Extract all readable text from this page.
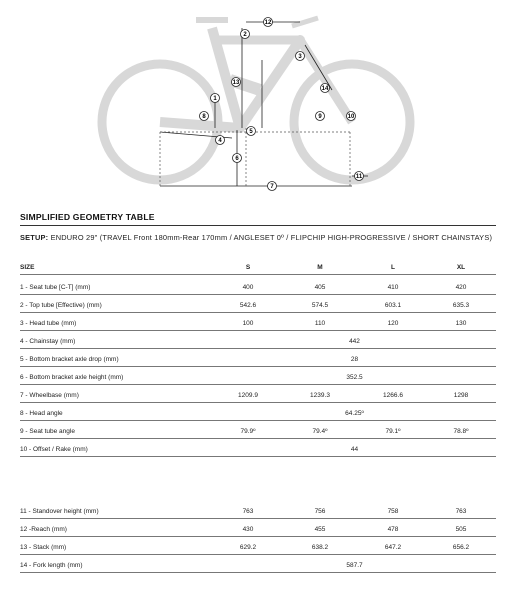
1
2
3
4
5
6
7
8	9	10
11
12
13
14
SIMPLIFIED GEOMETRY TABLE
SETUP: ENDURO 29" (TRAVEL Front 180mm-Rear 170mm / ANGLESET 0º / FLIPCHIP HIGH-PROGRESSIVE / SHORT CHAINSTAYS)
SIZE	S	M	L	XL
1 - Seat tube [C-T] (mm)	400	405	410	420
2 - Top tube [Effective) (mm)	542.6	574.5	603.1	635.3
3 - Head tube (mm)	100	110	120	130
4 - Chainstay (mm)	442
5 - Bottom bracket axle drop (mm)	28
6 - Bottom bracket axle height (mm)	352.5
7 - Wheelbase (mm)	1209.9	1239.3	1266.6	1298
8 - Head angle	64.25º
9 - Seat tube angle	79.9º	79.4º	79.1º	78.8º
10 - Offset / Rake (mm)	44
11 - Standover height (mm)	763	756	758	763
12 -Reach (mm)	430	455	478	505
13 - Stack (mm)	629.2	638.2	647.2	656.2
14 - Fork length (mm)	587.7
